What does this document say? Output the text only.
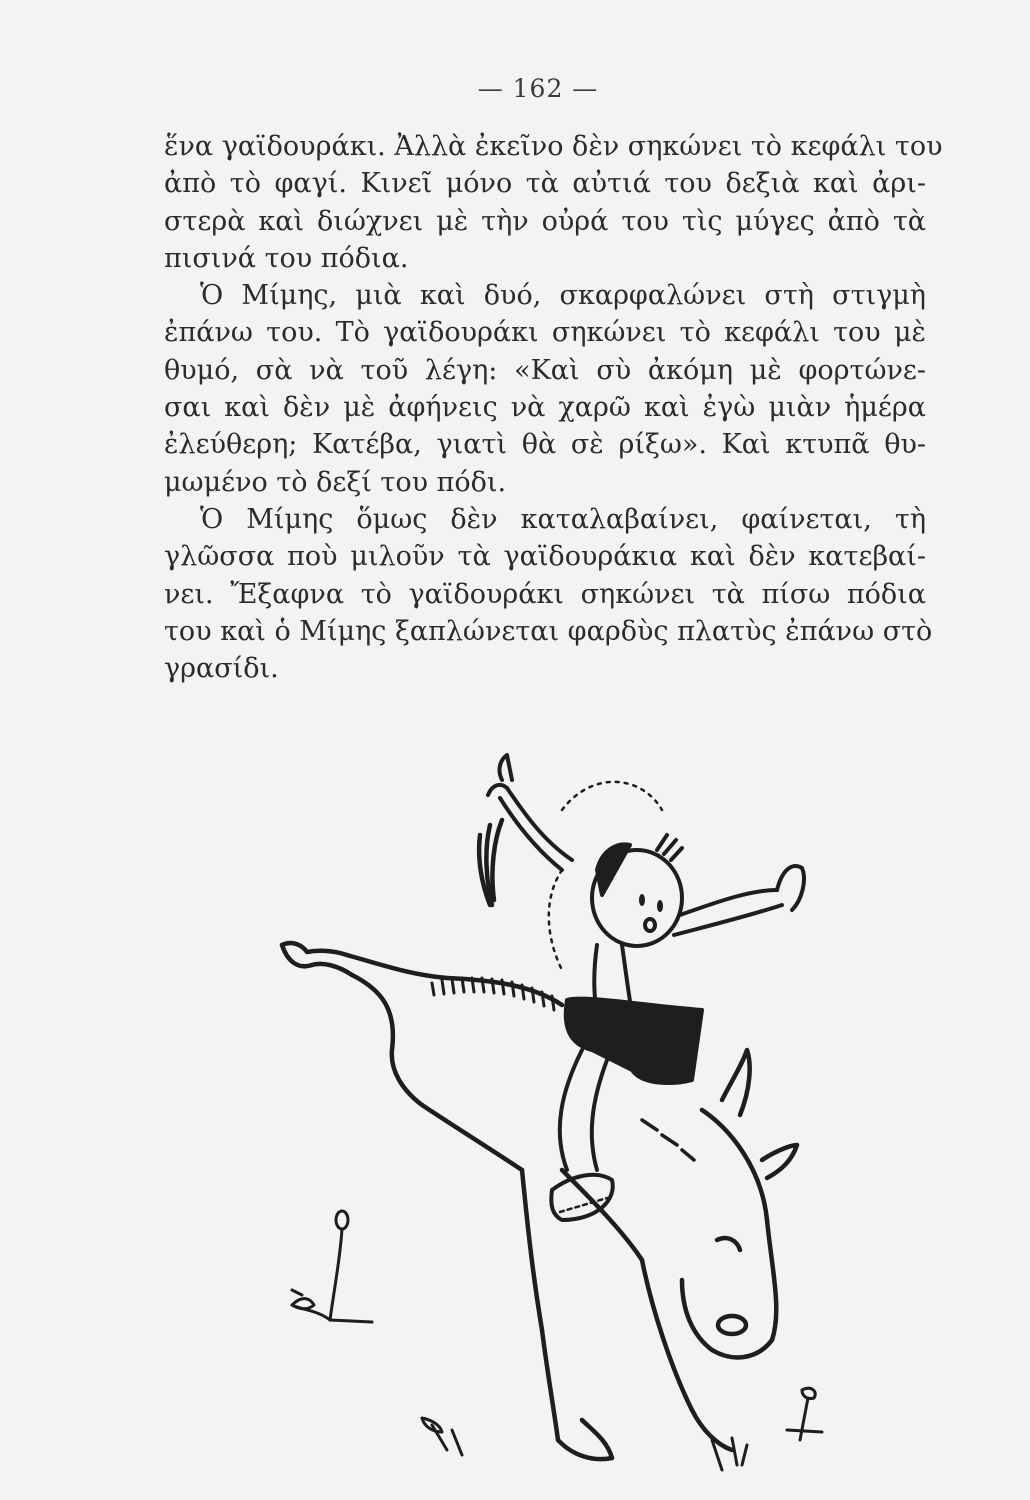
— 162 —
ἕνα γαϊδουράκι. Ἀλλὰ ἐκεῖνο δὲν σηκώνει τὸ κεφάλι του
ἀπὸ τὸ φαγί. Κινεῖ μόνο τὰ αὐτιά του δεξιὰ καὶ ἀρι-
στερὰ καὶ διώχνει μὲ τὴν οὐρά του τὶς μύγες ἀπὸ τὰ
πισινά του πόδια.
Ὁ Μίμης, μιὰ καὶ δυό, σκαρφαλώνει στὴ στιγμὴ
ἐπάνω του. Τὸ γαϊδουράκι σηκώνει τὸ κεφάλι του μὲ
θυμό, σὰ νὰ τοῦ λέγη: «Καὶ σὺ ἀκόμη μὲ φορτώνε-
σαι καὶ δὲν μὲ ἀφήνεις νὰ χαρῶ καὶ ἐγὼ μιὰν ἡμέρα
ἐλεύθερη; Κατέβα, γιατὶ θὰ σὲ ρίξω». Καὶ κτυπᾶ θυ-
μωμένο τὸ δεξί του πόδι.
Ὁ Μίμης ὅμως δὲν καταλαβαίνει, φαίνεται, τὴ
γλῶσσα ποὺ μιλοῦν τὰ γαϊδουράκια καὶ δὲν κατεβαί-
νει. Ἔξαφνα τὸ γαϊδουράκι σηκώνει τὰ πίσω πόδια
του καὶ ὁ Μίμης ξαπλώνεται φαρδὺς πλατὺς ἐπάνω στὸ
γρασίδι.
